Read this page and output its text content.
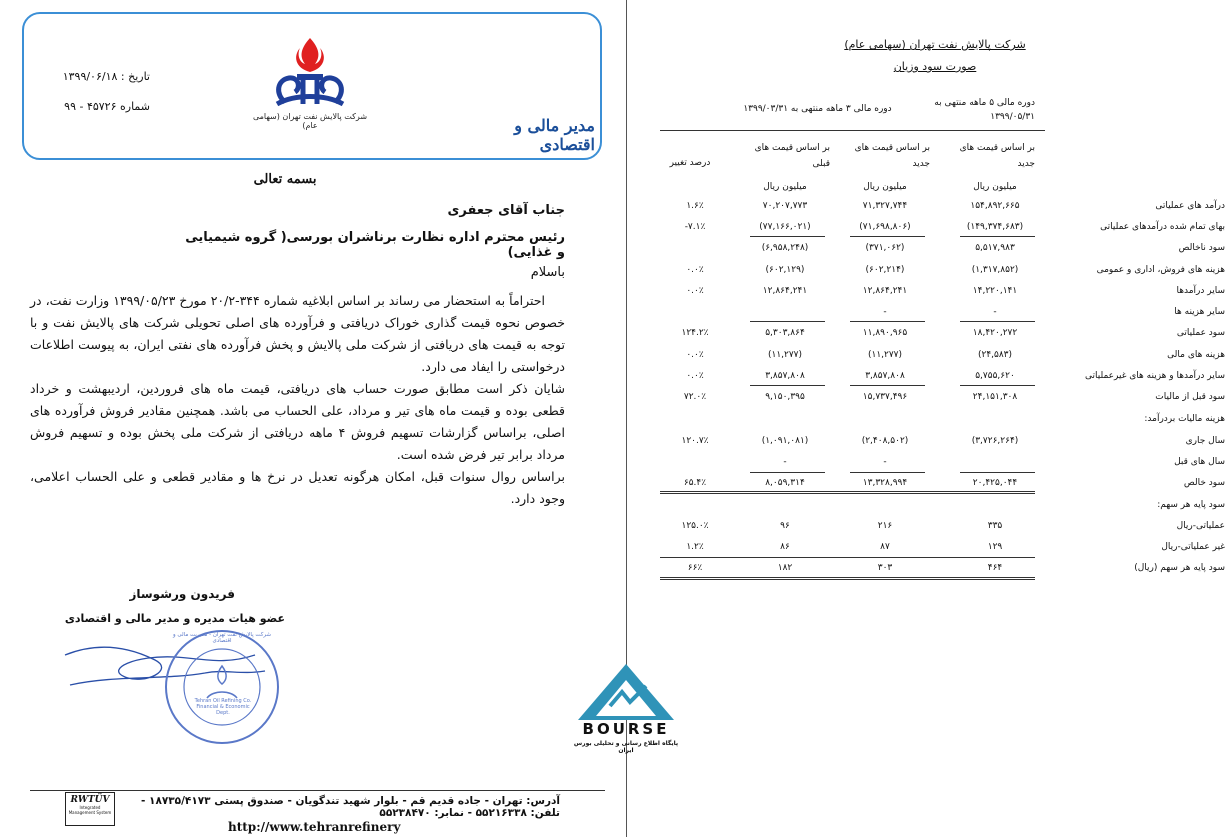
تاریخ : ۱۳۹۹/۰۶/۱۸
شماره ۴۵۷۲۶ - ۹۹
شرکت پالایش نفت تهران (سهامی عام)	مدیر مالی و اقتصادی
بسمه تعالی
جناب آقای جعفری
رئیس محترم اداره نظارت برناشران بورسی( گروه شیمیایی و غذایی)
باسلام
احتراماً به استحضار می رساند بر اساس ابلاغیه شماره ۳۴۴-۲۰/۲ مورخ ۱۳۹۹/۰۵/۲۳ وزارت نفت، در خصوص نحوه قیمت گذاری خوراک دریافتی و فرآورده های اصلی تحویلی شرکت های پالایش نفت و با توجه به قیمت های دریافتی از شرکت ملی پالایش و پخش فرآورده های نفتی ایران، به پیوست اطلاعات درخواستی را ایفاد می دارد.
شایان ذکر است مطابق صورت حساب های دریافتی، قیمت ماه های فروردین، اردیبهشت و خرداد قطعی بوده و قیمت ماه های تیر و مرداد، علی الحساب می باشد. همچنین مقادیر فروش فرآورده های اصلی، براساس گزارشات تسهیم فروش ۴ ماهه دریافتی از شرکت ملی پخش بوده و تسهیم فروش مرداد برابر تیر فرض شده است.
براساس روال سنوات قبل، امکان هرگونه تعدیل در نرخ ها و مقادیر قطعی و علی الحساب اعلامی، وجود دارد.
فریدون ورشوساز
عضو هیات مدیره و مدیر مالی و اقتصادی
Tehran Oil Refining Co. Financial & Economic Dept.
شرکت پالایش نفت تهران - مدیریت مالی و اقتصادی
RWTÜV
Integrated Management System
آدرس: تهران - جاده قدیم قم - بلوار شهید تندگویان - صندوق پستی ۱۸۷۳۵/۴۱۷۳ - تلفن: ۵۵۲۱۶۳۳۸ - نمابر: ۵۵۲۳۸۴۷۰
http://www.tehranrefinery
شرکت پالایش نفت تهران (سهامی عام)
صورت سود وزیان
دوره مالی ۵ ماهه منتهی به ۱۳۹۹/۰۵/۳۱
دوره مالی ۳ ماهه منتهی به ۱۳۹۹/۰۳/۳۱
بر اساس قیمت های جدید
بر اساس قیمت های جدید
بر اساس قیمت های قبلی
درصد تغییر
میلیون ریال
میلیون ریال
میلیون ریال
درآمد های عملیاتی
۱۵۴,۸۹۲,۶۶۵
۷۱,۳۲۷,۷۴۴
۷۰,۲۰۷,۷۷۳
۱.۶٪
بهای تمام شده درآمدهای عملیاتی
(۱۴۹,۳۷۴,۶۸۳)
(۷۱,۶۹۸,۸۰۶)
(۷۷,۱۶۶,۰۲۱)
-۷.۱٪
سود ناخالص
۵,۵۱۷,۹۸۳
(۳۷۱,۰۶۲)
(۶,۹۵۸,۲۴۸)
هزینه های فروش، اداری و عمومی
(۱,۳۱۷,۸۵۲)
(۶۰۲,۲۱۴)
(۶۰۲,۱۲۹)
۰.۰٪
سایر درآمدها
۱۴,۲۲۰,۱۴۱
۱۲,۸۶۴,۲۴۱
۱۲,۸۶۴,۲۴۱
۰.۰٪
سایر هزینه ها
-
-
سود عملیاتی
۱۸,۴۲۰,۲۷۲
۱۱,۸۹۰,۹۶۵
۵,۳۰۳,۸۶۴
۱۲۴.۲٪
هزینه های مالی
(۲۴,۵۸۳)
(۱۱,۲۷۷)
(۱۱,۲۷۷)
۰.۰٪
سایر درآمدها و هزینه های غیرعملیاتی
۵,۷۵۵,۶۲۰
۳,۸۵۷,۸۰۸
۳,۸۵۷,۸۰۸
۰.۰٪
سود قبل از مالیات
۲۴,۱۵۱,۳۰۸
۱۵,۷۳۷,۴۹۶
۹,۱۵۰,۳۹۵
۷۲.۰٪
هزینه مالیات بردرآمد:
سال جاری
(۳,۷۲۶,۲۶۴)
(۲,۴۰۸,۵۰۲)
(۱,۰۹۱,۰۸۱)
۱۲۰.۷٪
سال های قبل
-
-
سود خالص
۲۰,۴۲۵,۰۴۴
۱۳,۳۲۸,۹۹۴
۸,۰۵۹,۳۱۴
۶۵.۴٪
سود پایه هر سهم:
عملیاتی-ریال
۳۳۵
۲۱۶
۹۶
۱۲۵.۰٪
غیر عملیاتی-ریال
۱۲۹
۸۷
۸۶
۱.۲٪
سود پایه هر سهم (ریال)
۴۶۴
۳۰۳
۱۸۲
۶۶٪
BOURSE
پایگاه اطلاع رسانی و تحلیلی بورس ایران
